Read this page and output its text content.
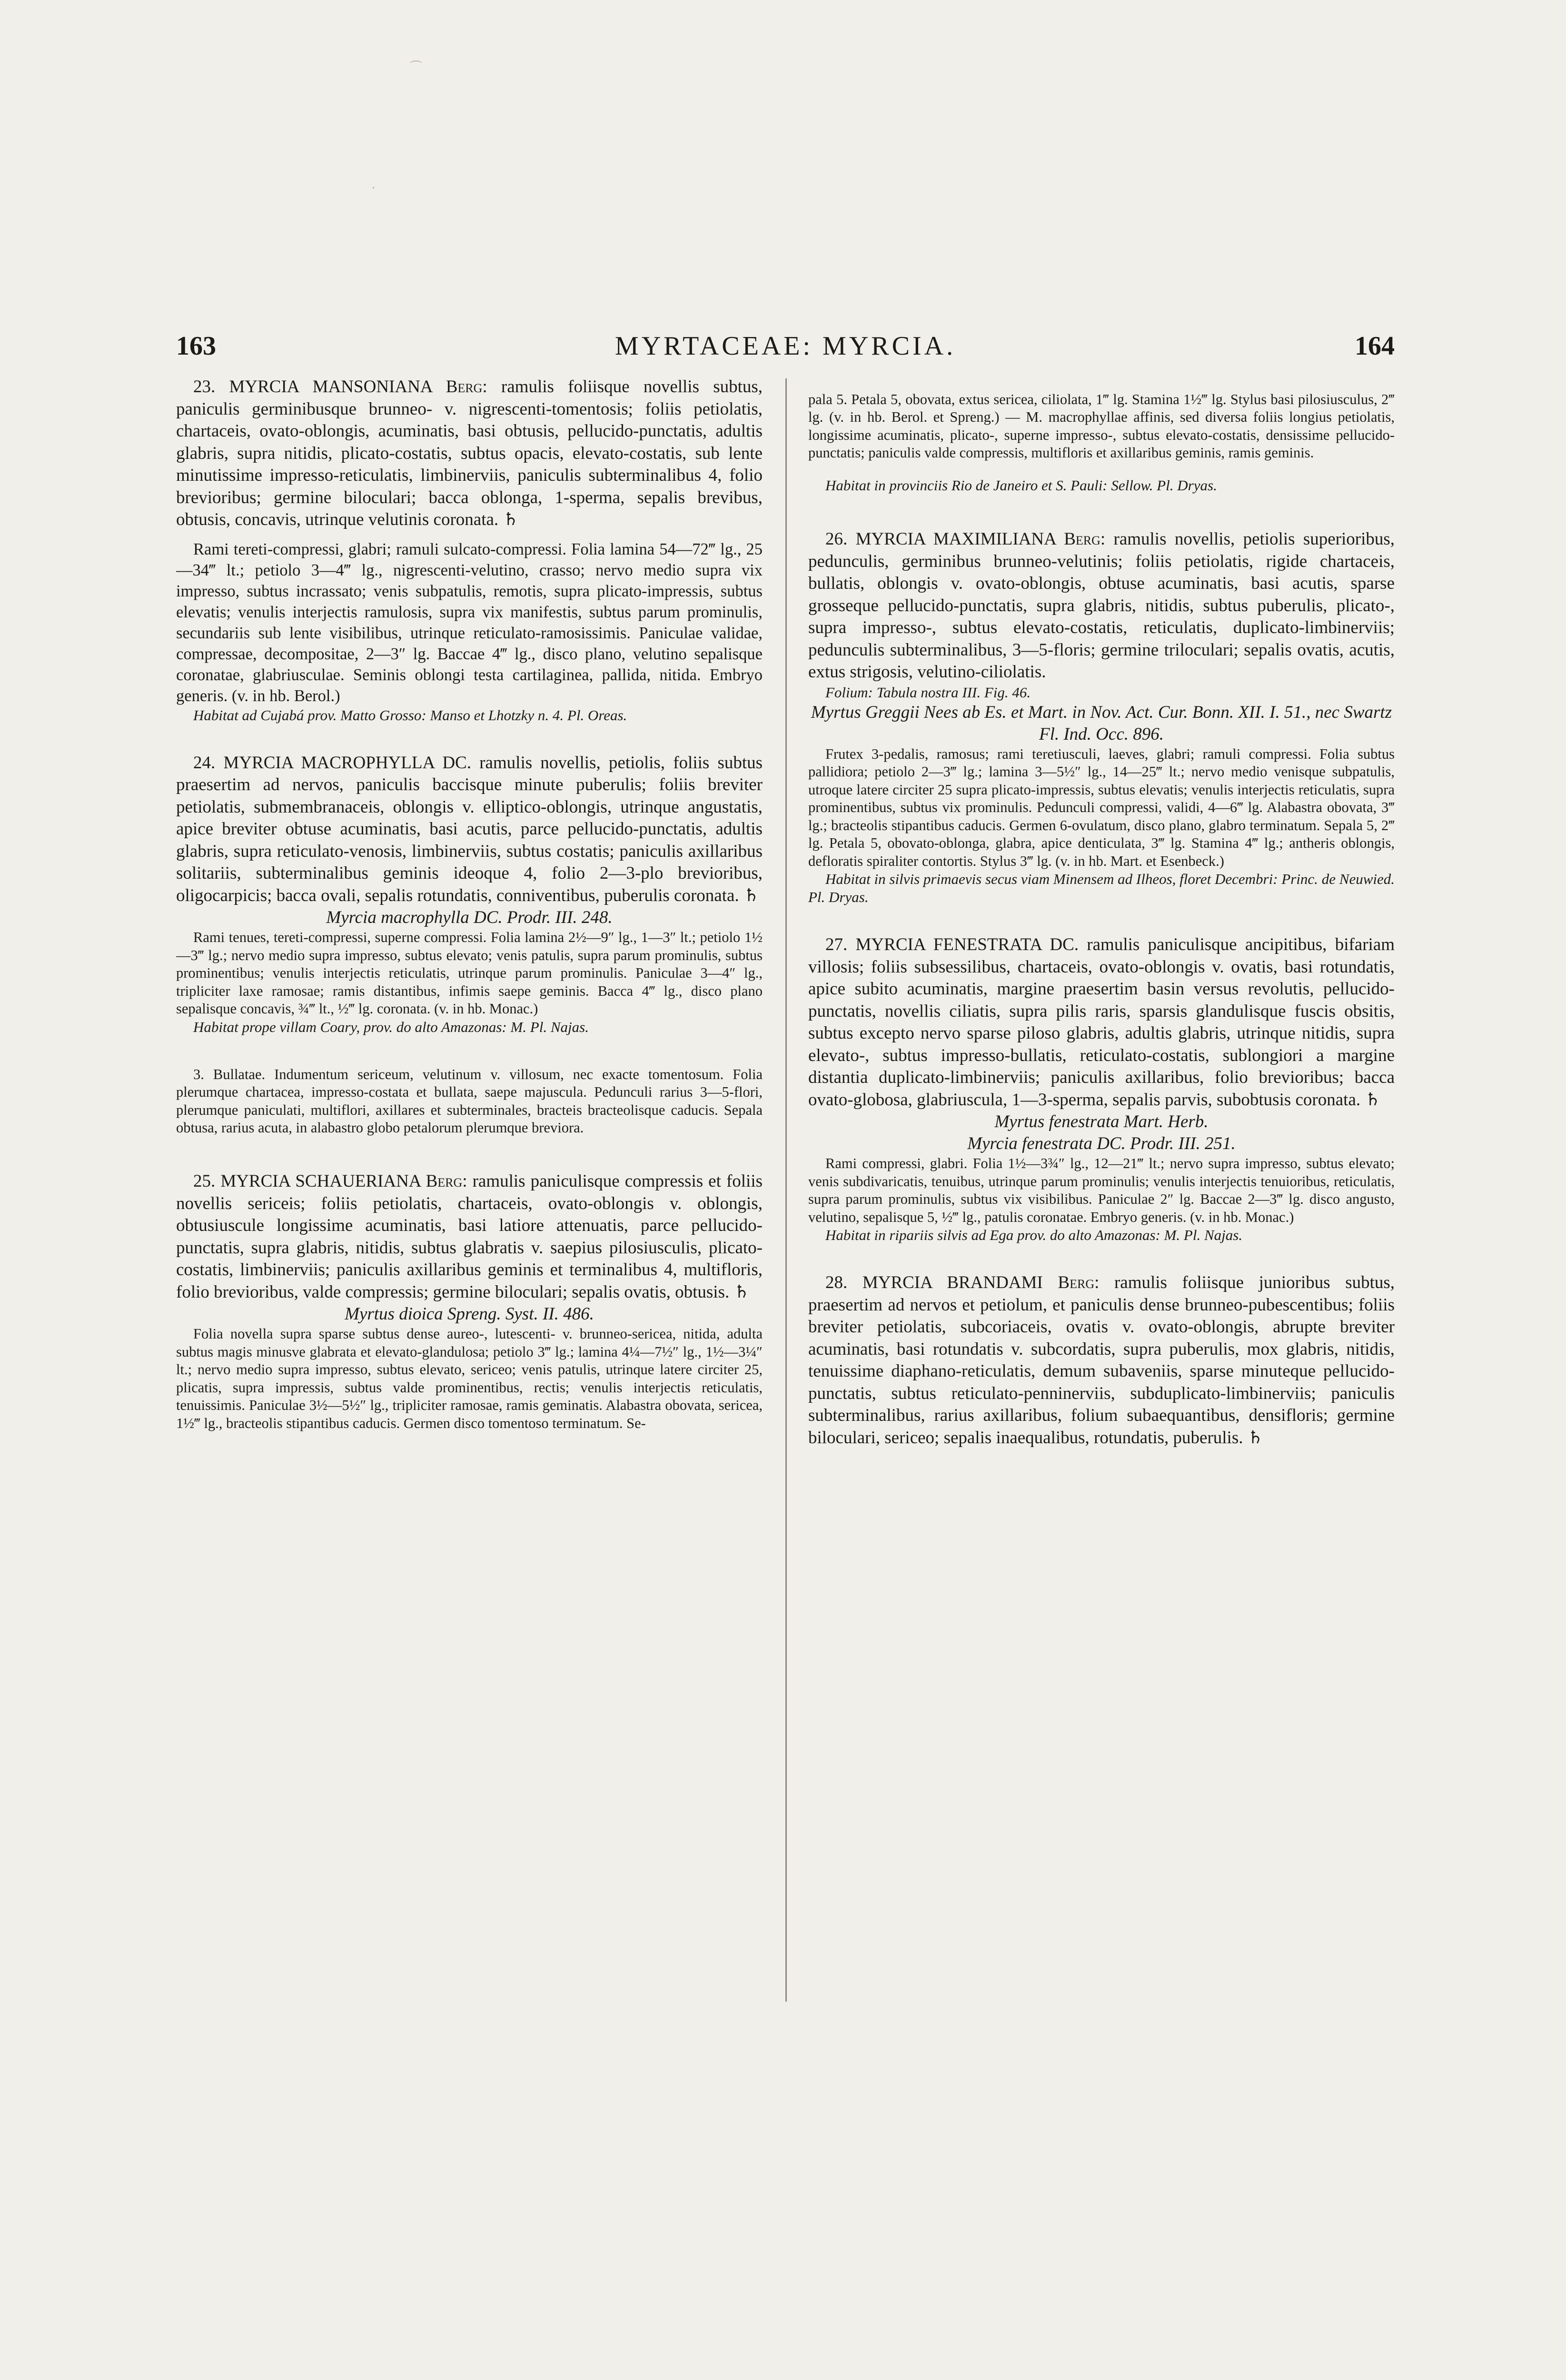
⌒
·
163	MYRTACEAE: MYRCIA.	164

23. MYRCIA MANSONIANA Berg: ramulis foliisque novellis subtus, paniculis germinibusque brunneo- v. nigrescenti-tomentosis; foliis petiolatis, chartaceis, ovato-oblongis, acuminatis, basi obtusis, pellucido-punctatis, adultis glabris, supra nitidis, plicato-costatis, subtus opacis, elevato-costatis, sub lente minutissime impresso-reticulatis, limbinerviis, paniculis subterminalibus 4, folio brevioribus; germine biloculari; bacca oblonga, 1-sperma, sepalis brevibus, obtusis, concavis, utrinque velutinis coronata. ♄

Rami tereti-compressi, glabri; ramuli sulcato-compressi. Folia lamina 54—72‴ lg., 25—34‴ lt.; petiolo 3—4‴ lg., nigrescenti-velutino, crasso; nervo medio supra vix impresso, subtus incrassato; venis subpatulis, remotis, supra plicato-impressis, subtus elevatis; venulis interjectis ramulosis, supra vix manifestis, subtus parum prominulis, secundariis sub lente visibilibus, utrinque reticulato-ramosissimis. Paniculae validae, compressae, decompositae, 2—3″ lg. Baccae 4‴ lg., disco plano, velutino sepalisque coronatae, glabriusculae. Seminis oblongi testa cartilaginea, pallida, nitida. Embryo generis. (v. in hb. Berol.)

Habitat ad Cujabá prov. Matto Grosso: Manso et Lhotzky n. 4. Pl. Oreas.

24. MYRCIA MACROPHYLLA DC. ramulis novellis, petiolis, foliis subtus praesertim ad nervos, paniculis baccisque minute puberulis; foliis breviter petiolatis, submembranaceis, oblongis v. elliptico-oblongis, utrinque angustatis, apice breviter obtuse acuminatis, basi acutis, parce pellucido-punctatis, adultis glabris, supra reticulato-venosis, limbinerviis, subtus costatis; paniculis axillaribus solitariis, subterminalibus geminis ideoque 4, folio 2—3-plo brevioribus, oligocarpicis; bacca ovali, sepalis rotundatis, conniventibus, puberulis coronata. ♄

Myrcia macrophylla DC. Prodr. III. 248.

Rami tenues, tereti-compressi, superne compressi. Folia lamina 2½—9″ lg., 1—3″ lt.; petiolo 1½—3‴ lg.; nervo medio supra impresso, subtus elevato; venis patulis, supra parum prominulis, subtus prominentibus; venulis interjectis reticulatis, utrinque parum prominulis. Paniculae 3—4″ lg., tripliciter laxe ramosae; ramis distantibus, infimis saepe geminis. Bacca 4‴ lg., disco plano sepalisque concavis, ¾‴ lt., ½‴ lg. coronata. (v. in hb. Monac.)

Habitat prope villam Coary, prov. do alto Amazonas: M. Pl. Najas.

3. Bullatae. Indumentum sericeum, velutinum v. villosum, nec exacte tomentosum. Folia plerumque chartacea, impresso-costata et bullata, saepe majuscula. Pedunculi rarius 3—5-flori, plerumque paniculati, multiflori, axillares et subterminales, bracteis bracteolisque caducis. Sepala obtusa, rarius acuta, in alabastro globo petalorum plerumque breviora.

25. MYRCIA SCHAUERIANA Berg: ramulis paniculisque compressis et foliis novellis sericeis; foliis petiolatis, chartaceis, ovato-oblongis v. oblongis, obtusiuscule longissime acuminatis, basi latiore attenuatis, parce pellucido-punctatis, supra glabris, nitidis, subtus glabratis v. saepius pilosiusculis, plicato-costatis, limbinerviis; paniculis axillaribus geminis et terminalibus 4, multifloris, folio brevioribus, valde compressis; germine biloculari; sepalis ovatis, obtusis. ♄

Myrtus dioica Spreng. Syst. II. 486.

Folia novella supra sparse subtus dense aureo-, lutescenti- v. brunneo-sericea, nitida, adulta subtus magis minusve glabrata et elevato-glandulosa; petiolo 3‴ lg.; lamina 4¼—7½″ lg., 1½—3¼″ lt.; nervo medio supra impresso, subtus elevato, sericeo; venis patulis, utrinque latere circiter 25, plicatis, supra impressis, subtus valde prominentibus, rectis; venulis interjectis reticulatis, tenuissimis. Paniculae 3½—5½″ lg., tripliciter ramosae, ramis geminatis. Alabastra obovata, sericea, 1½‴ lg., bracteolis stipantibus caducis. Germen disco tomentoso terminatum. Se-

pala 5. Petala 5, obovata, extus sericea, ciliolata, 1‴ lg. Stamina 1½‴ lg. Stylus basi pilosiusculus, 2‴ lg. (v. in hb. Berol. et Spreng.) — M. macrophyllae affinis, sed diversa foliis longius petiolatis, longissime acuminatis, plicato-, superne impresso-, subtus elevato-costatis, densissime pellucido-punctatis; paniculis valde compressis, multifloris et axillaribus geminis, ramis geminis.

Habitat in provinciis Rio de Janeiro et S. Pauli: Sellow. Pl. Dryas.

26. MYRCIA MAXIMILIANA Berg: ramulis novellis, petiolis superioribus, pedunculis, germinibus brunneo-velutinis; foliis petiolatis, rigide chartaceis, bullatis, oblongis v. ovato-oblongis, obtuse acuminatis, basi acutis, sparse grosseque pellucido-punctatis, supra glabris, nitidis, subtus puberulis, plicato-, supra impresso-, subtus elevato-costatis, reticulatis, duplicato-limbinerviis; pedunculis subterminalibus, 3—5-floris; germine triloculari; sepalis ovatis, acutis, extus strigosis, velutino-ciliolatis.

Folium: Tabula nostra III. Fig. 46.

Myrtus Greggii Nees ab Es. et Mart. in Nov. Act. Cur. Bonn. XII. I. 51., nec Swartz Fl. Ind. Occ. 896.

Frutex 3-pedalis, ramosus; rami teretiusculi, laeves, glabri; ramuli compressi. Folia subtus pallidiora; petiolo 2—3‴ lg.; lamina 3—5½″ lg., 14—25‴ lt.; nervo medio venisque subpatulis, utroque latere circiter 25 supra plicato-impressis, subtus elevatis; venulis interjectis reticulatis, supra prominentibus, subtus vix prominulis. Pedunculi compressi, validi, 4—6‴ lg. Alabastra obovata, 3‴ lg.; bracteolis stipantibus caducis. Germen 6-ovulatum, disco plano, glabro terminatum. Sepala 5, 2‴ lg. Petala 5, obovato-oblonga, glabra, apice denticulata, 3‴ lg. Stamina 4‴ lg.; antheris oblongis, defloratis spiraliter contortis. Stylus 3‴ lg. (v. in hb. Mart. et Esenbeck.)

Habitat in silvis primaevis secus viam Minensem ad Ilheos, floret Decembri: Princ. de Neuwied. Pl. Dryas.

27. MYRCIA FENESTRATA DC. ramulis paniculisque ancipitibus, bifariam villosis; foliis subsessilibus, chartaceis, ovato-oblongis v. ovatis, basi rotundatis, apice subito acuminatis, margine praesertim basin versus revolutis, pellucido-punctatis, novellis ciliatis, supra pilis raris, sparsis glandulisque fuscis obsitis, subtus excepto nervo sparse piloso glabris, adultis glabris, utrinque nitidis, supra elevato-, subtus impresso-bullatis, reticulato-costatis, sublongiori a margine distantia duplicato-limbinerviis; paniculis axillaribus, folio brevioribus; bacca ovato-globosa, glabriuscula, 1—3-sperma, sepalis parvis, subobtusis coronata. ♄

Myrtus fenestrata Mart. Herb.

Myrcia fenestrata DC. Prodr. III. 251.

Rami compressi, glabri. Folia 1½—3¾″ lg., 12—21‴ lt.; nervo supra impresso, subtus elevato; venis subdivaricatis, tenuibus, utrinque parum prominulis; venulis interjectis tenuioribus, reticulatis, supra parum prominulis, subtus vix visibilibus. Paniculae 2″ lg. Baccae 2—3‴ lg. disco angusto, velutino, sepalisque 5, ½‴ lg., patulis coronatae. Embryo generis. (v. in hb. Monac.)

Habitat in ripariis silvis ad Ega prov. do alto Amazonas: M. Pl. Najas.

28. MYRCIA BRANDAMI Berg: ramulis foliisque junioribus subtus, praesertim ad nervos et petiolum, et paniculis dense brunneo-pubescentibus; foliis breviter petiolatis, subcoriaceis, ovatis v. ovato-oblongis, abrupte breviter acuminatis, basi rotundatis v. subcordatis, supra puberulis, mox glabris, nitidis, tenuissime diaphano-reticulatis, demum subaveniis, sparse minuteque pellucido-punctatis, subtus reticulato-penninerviis, subduplicato-limbinerviis; paniculis subterminalibus, rarius axillaribus, folium subaequantibus, densifloris; germine biloculari, sericeo; sepalis inaequalibus, rotundatis, puberulis. ♄
